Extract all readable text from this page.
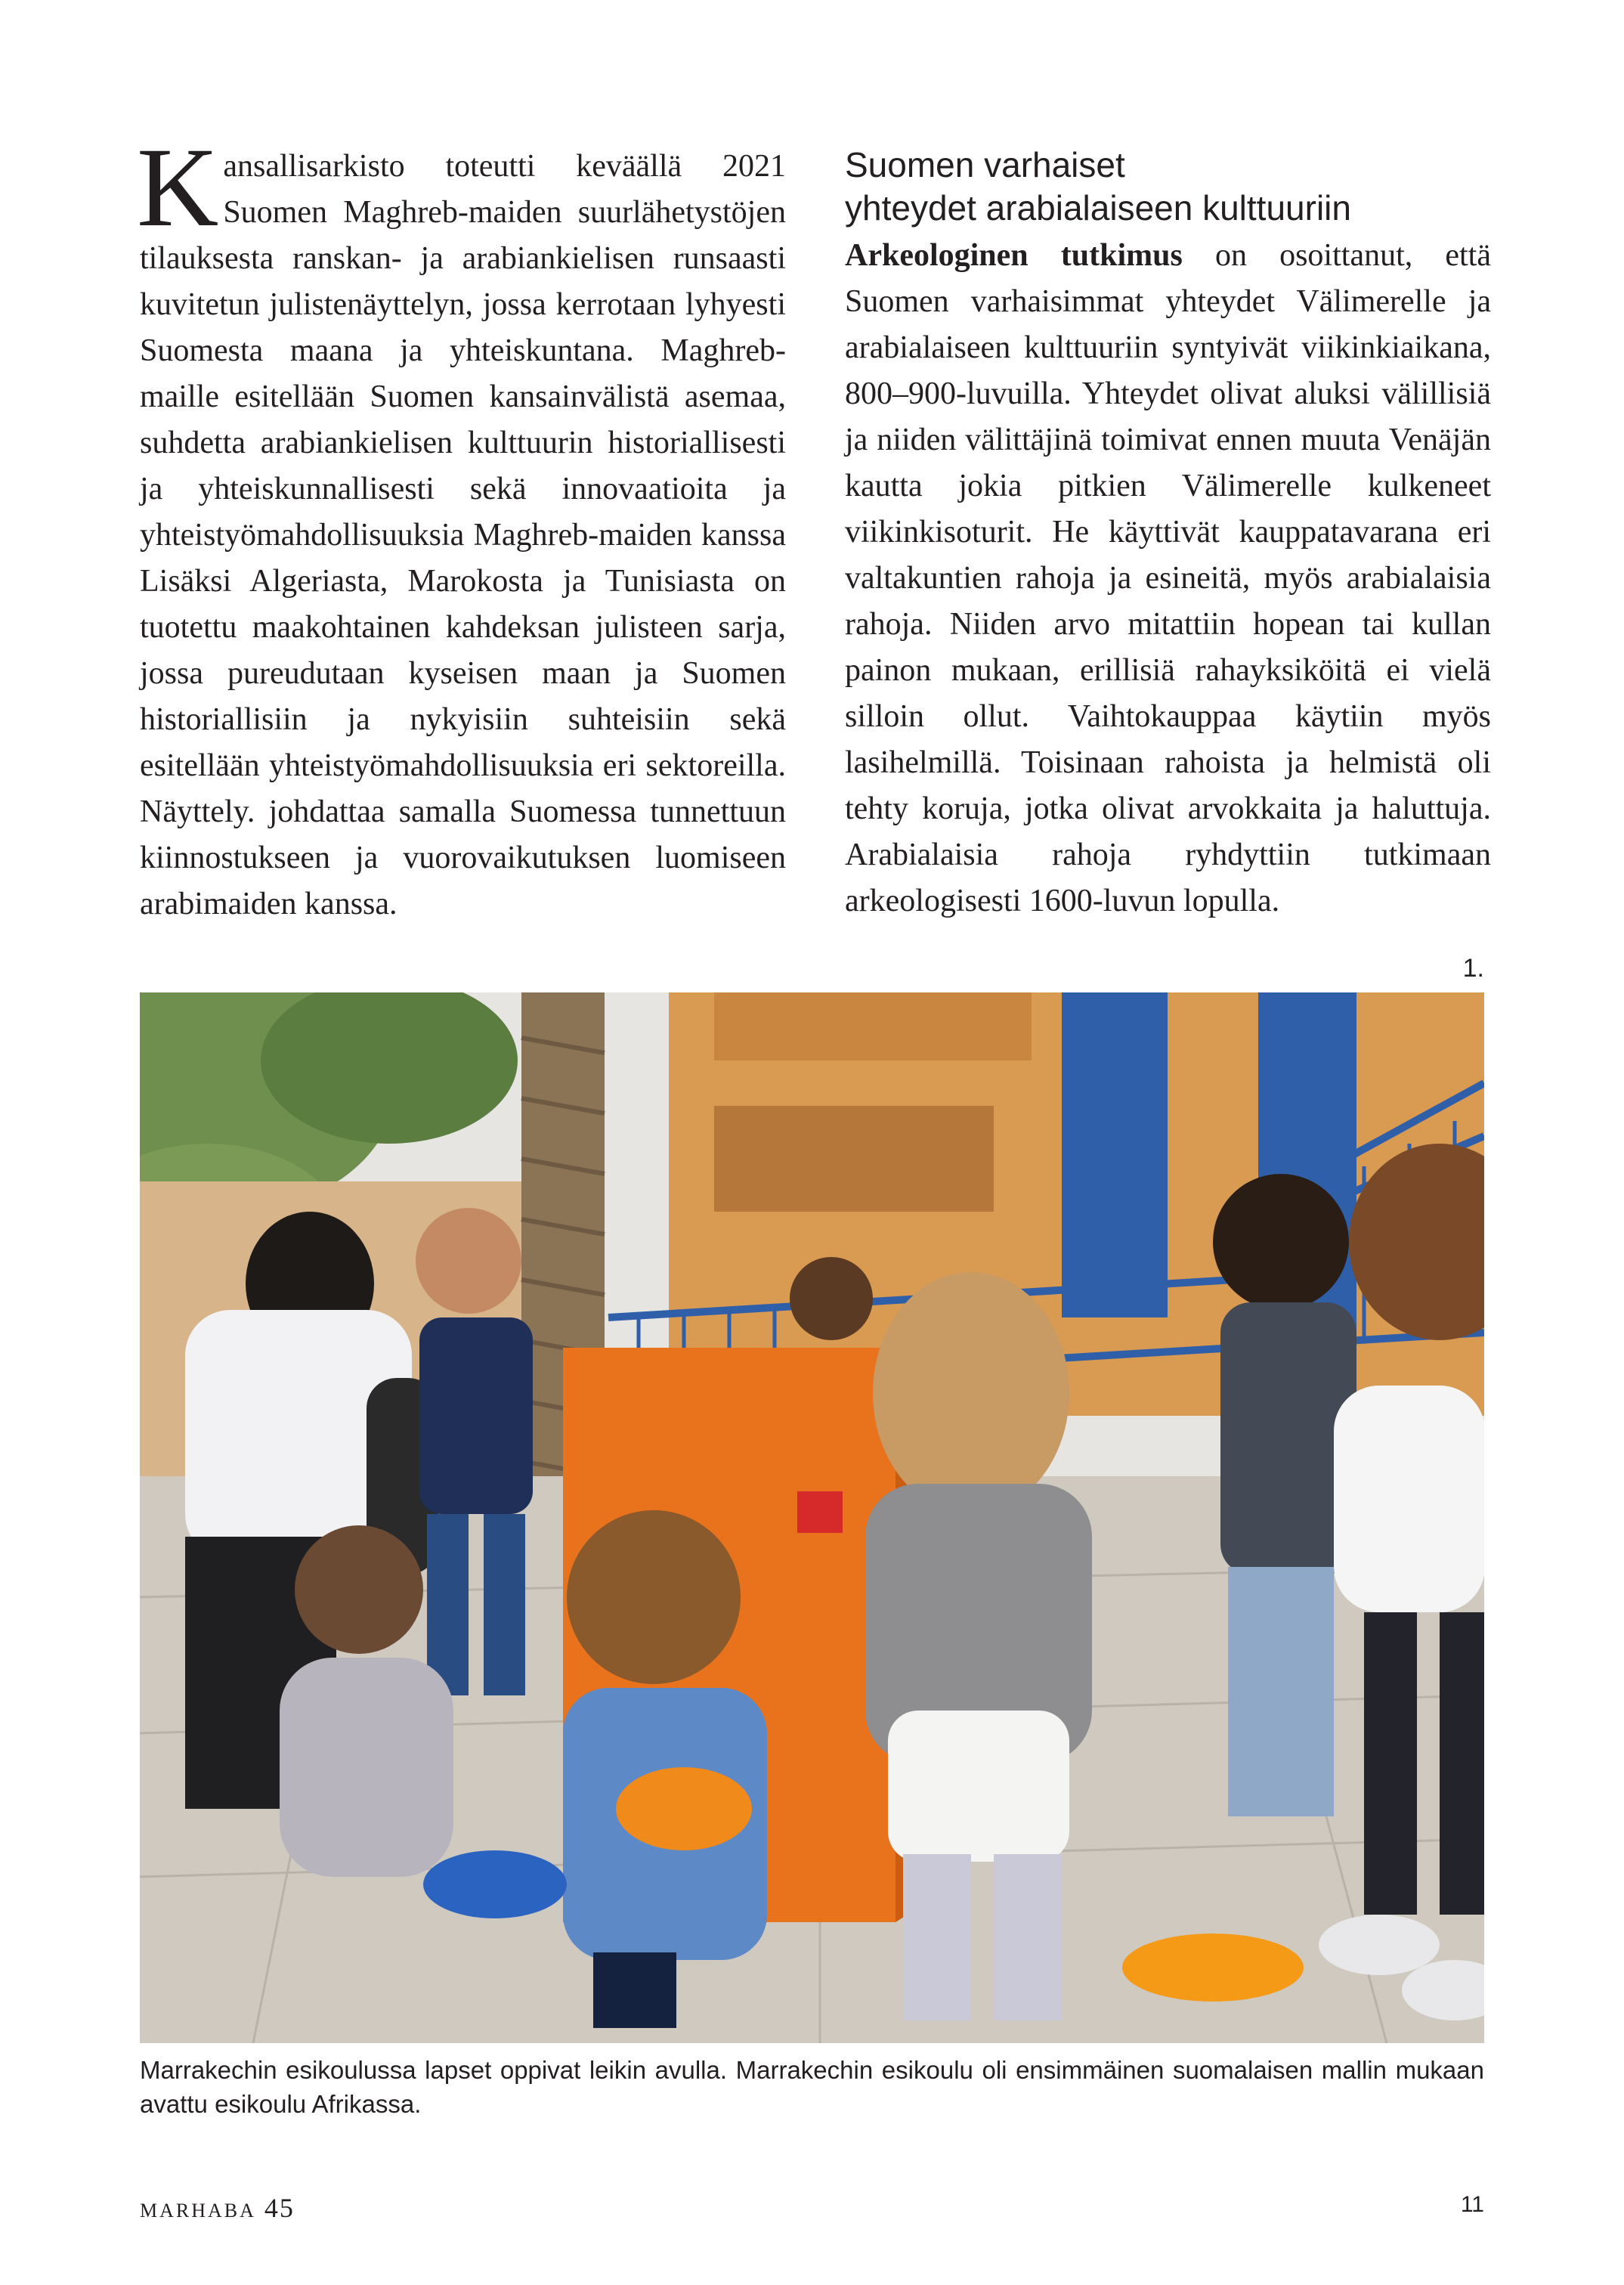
Kansallisarkisto toteutti keväällä 2021 Suomen Maghreb-maiden suurlähetystöjen tilauksesta ranskan- ja arabiankielisen runsaasti kuvitetun julistenäyttelyn, jossa kerrotaan lyhyesti Suomesta maana ja yhteiskuntana. Maghreb-maille esitellään Suomen kansainvälistä asemaa, suhdetta arabiankielisen kulttuurin historiallisesti ja yhteiskunnallisesti sekä innovaatioita ja yhteistyömahdollisuuksia Maghreb-maiden kanssa Lisäksi Algeriasta, Marokosta ja Tunisiasta on tuotettu maakohtainen kahdeksan julisteen sarja, jossa pureudutaan kyseisen maan ja Suomen historiallisiin ja nykyisiin suhteisiin sekä esitellään yhteistyömahdollisuuksia eri sektoreilla. Näyttely. johdattaa samalla Suomessa tunnettuun kiinnostukseen ja vuorovaikutuksen luomiseen arabimaiden kanssa.

Suomen varhaiset
yhteydet arabialaiseen kulttuuriin

Arkeologinen tutkimus on osoittanut, että Suomen varhaisimmat yhteydet Välimerelle ja arabialaiseen kulttuuriin syntyivät viikinkiaikana, 800–900-luvuilla. Yhteydet olivat aluksi välillisiä ja niiden välittäjinä toimivat ennen muuta Venäjän kautta jokia pitkien Välimerelle kulkeneet viikinkisoturit. He käyttivät kauppatavarana eri valtakuntien rahoja ja esineitä, myös arabialaisia rahoja. Niiden arvo mitattiin hopean tai kullan painon mukaan, erillisiä rahayksiköitä ei vielä silloin ollut. Vaihtokauppaa käytiin myös lasihelmillä. Toisinaan rahoista ja helmistä oli tehty koruja, jotka olivat arvokkaita ja haluttuja. Arabialaisia rahoja ryhdyttiin tutkimaan arkeologisesti 1600-luvun lopulla.

1.
Marrakechin esikoulussa lapset oppivat leikin avulla. Marrakechin esikoulu oli ensimmäinen suomalaisen mallin mukaan avattu esikoulu Afrikassa.
MARHABA 45	11
